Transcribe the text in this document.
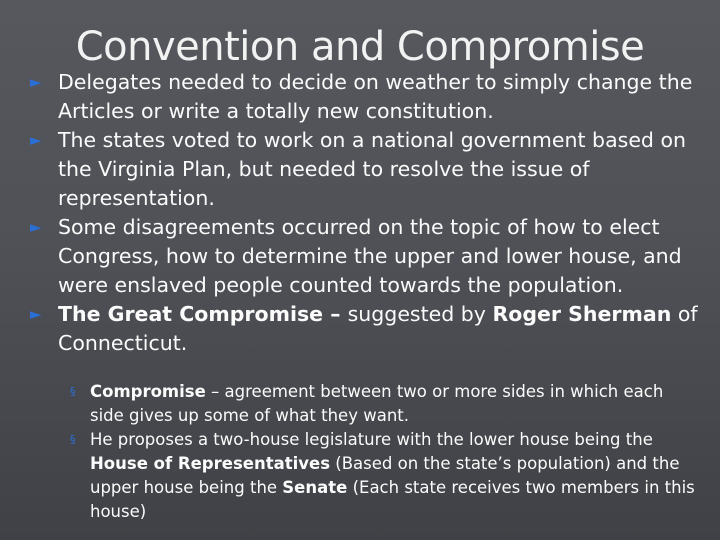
Convention and Compromise
► Delegates needed to decide on weather to simply change the Articles or write a totally new constitution.
► The states voted to work on a national government based on the Virginia Plan, but needed to resolve the issue of representation.
► Some disagreements occurred on the topic of how to elect Congress, how to determine the upper and lower house, and were enslaved people counted towards the population.
► The Great Compromise – suggested by Roger Sherman of Connecticut.
§ Compromise – agreement between two or more sides in which each side gives up some of what they want.
§ He proposes a two-house legislature with the lower house being the House of Representatives (Based on the state’s population) and the upper house being the Senate (Each state receives two members in this house)
